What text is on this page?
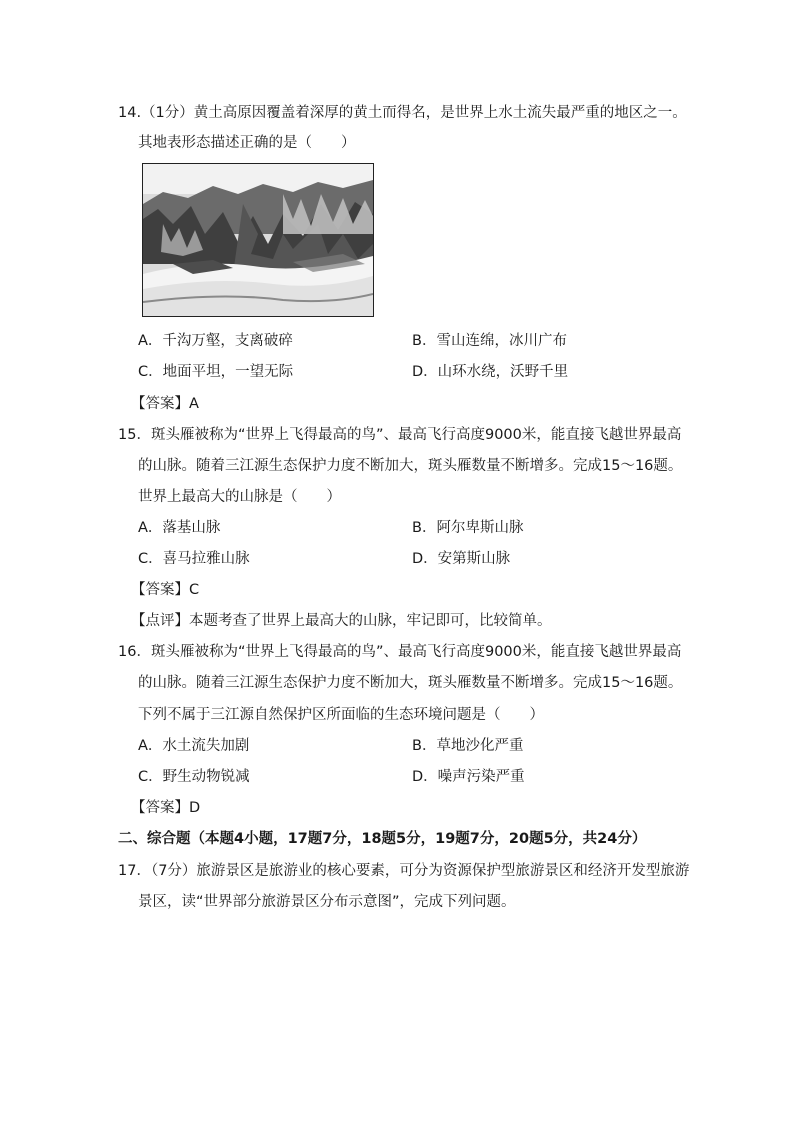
14.（1分）黄土高原因覆盖着深厚的黄土而得名，是世界上水土流失最严重的地区之一。
其地表形态描述正确的是（　　）
A．千沟万壑，支离破碎	B．雪山连绵，冰川广布
C．地面平坦，一望无际	D．山环水绕，沃野千里
【答案】A
15．斑头雁被称为“世界上飞得最高的鸟”、最高飞行高度9000米，能直接飞越世界最高
的山脉。随着三江源生态保护力度不断加大，斑头雁数量不断增多。完成15～16题。
世界上最高大的山脉是（　　）
A．落基山脉	B．阿尔卑斯山脉
C．喜马拉雅山脉	D．安第斯山脉
【答案】C
【点评】本题考查了世界上最高大的山脉，牢记即可，比较简单。
16．斑头雁被称为“世界上飞得最高的鸟”、最高飞行高度9000米，能直接飞越世界最高
的山脉。随着三江源生态保护力度不断加大，斑头雁数量不断增多。完成15～16题。
下列不属于三江源自然保护区所面临的生态环境问题是（　　）
A．水土流失加剧	B．草地沙化严重
C．野生动物锐减	D．噪声污染严重
【答案】D
二、综合题（本题4小题，17题7分，18题5分，19题7分，20题5分，共24分）
17．（7分）旅游景区是旅游业的核心要素，可分为资源保护型旅游景区和经济开发型旅游
景区，读“世界部分旅游景区分布示意图”，完成下列问题。
